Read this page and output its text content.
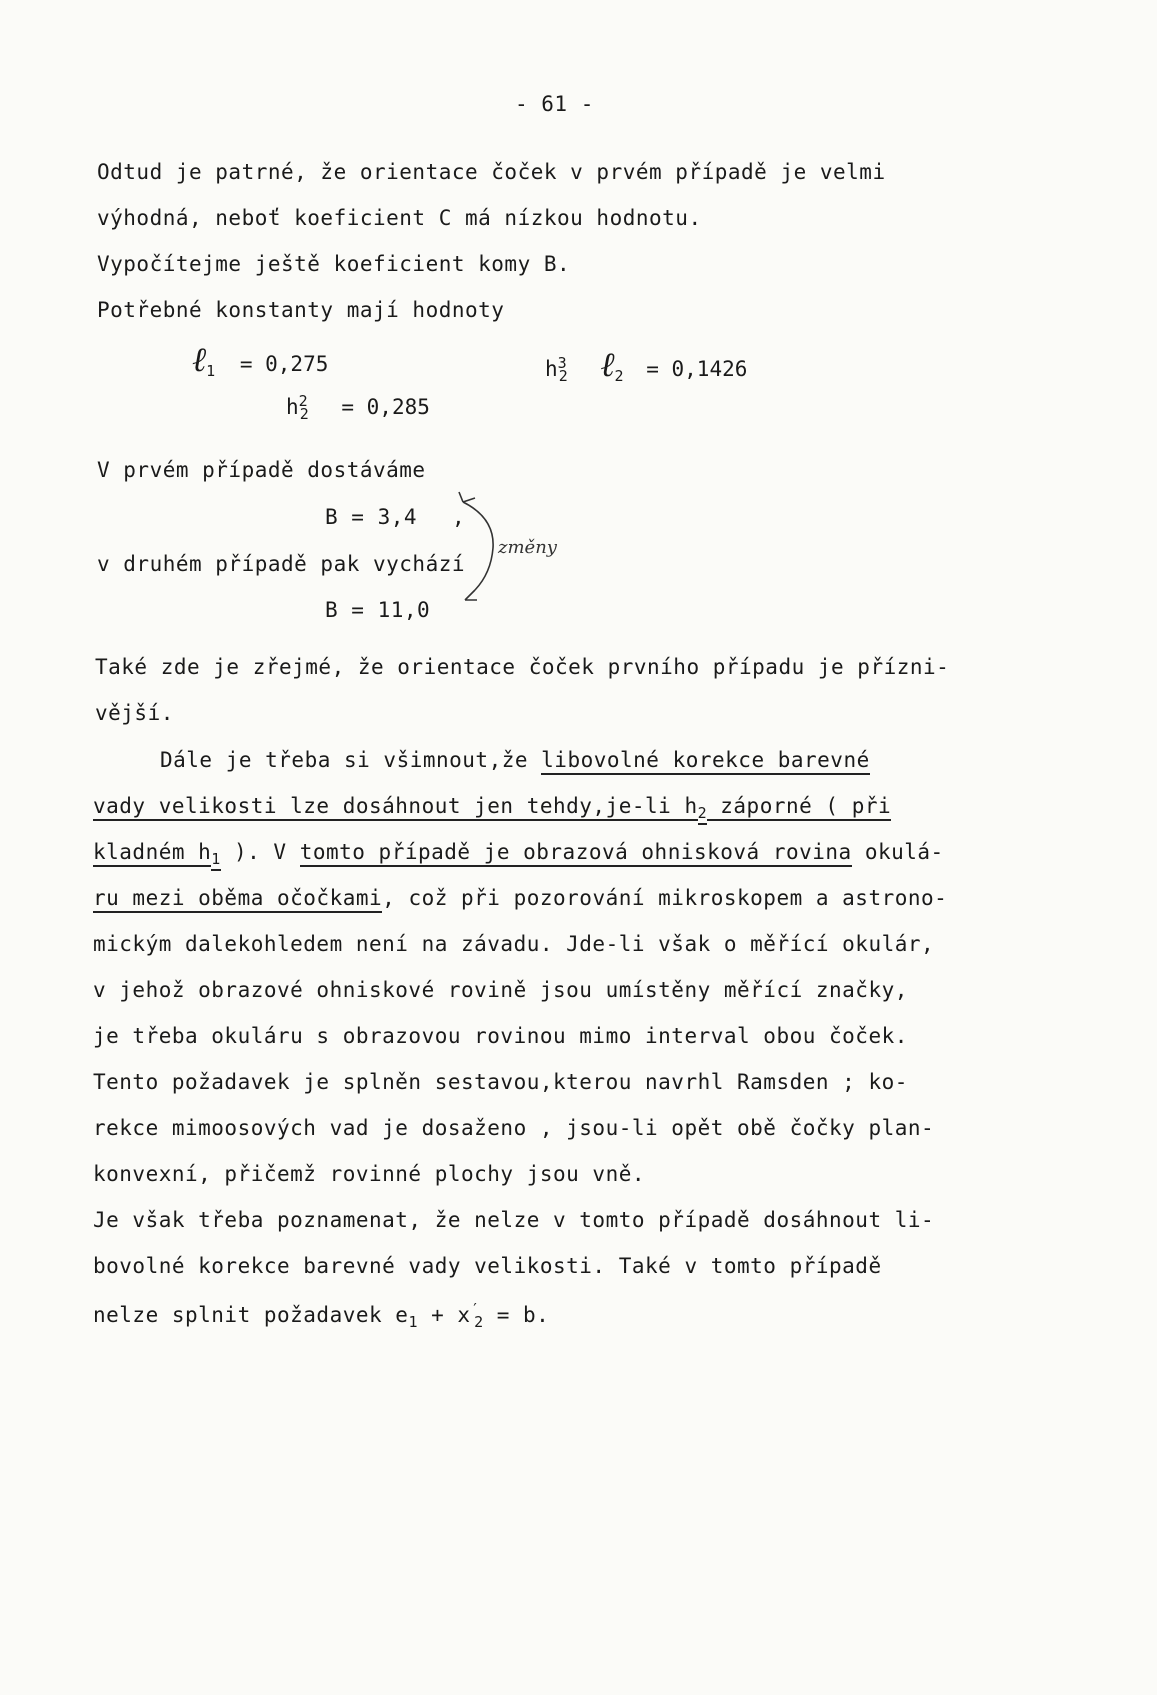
- 61 -
Odtud je patrné, že orientace čoček v prvém případě je velmi
výhodná, neboť koeficient C má nízkou hodnotu.
Vypočítejme ještě koeficient komy B.
Potřebné konstanty mají hodnoty
ℓ$_1$ = 0,275
$h^2_2 = 0,285$
$h^3_2$ ℓ$_2$ = 0,1426
V prvém případě dostáváme
B = 3,4 ,
v druhém případě pak vychází
B = 11,0
změny
Také zde je zřejmé, že orientace čoček prvního případu je přízni-
vější.
Dále je třeba si všimnout,že libovolné korekce barevné
vady velikosti lze dosáhnout jen tehdy,je-li $h_2$ záporné ( při
kladném $h_1$ ). V tomto případě je obrazová ohnisková rovina okulá-
ru mezi oběma očočkami, což při pozorování mikroskopem a astrono-
mickým dalekohledem není na závadu. Jde-li však o měřící okulár,
v jehož obrazové ohniskové rovině jsou umístěny měřící značky,
je třeba okuláru s obrazovou rovinou mimo interval obou čoček.
Tento požadavek je splněn sestavou,kterou navrhl Ramsden ; ko-
rekce mimoosových vad je dosaženo , jsou-li opět obě čočky plan-
konvexní, přičemž rovinné plochy jsou vně.
Je však třeba poznamenat, že nelze v tomto případě dosáhnout li-
bovolné korekce barevné vady velikosti. Také v tomto případě
nelze splnit požadavek $e_1 + x'_2 = b$.
